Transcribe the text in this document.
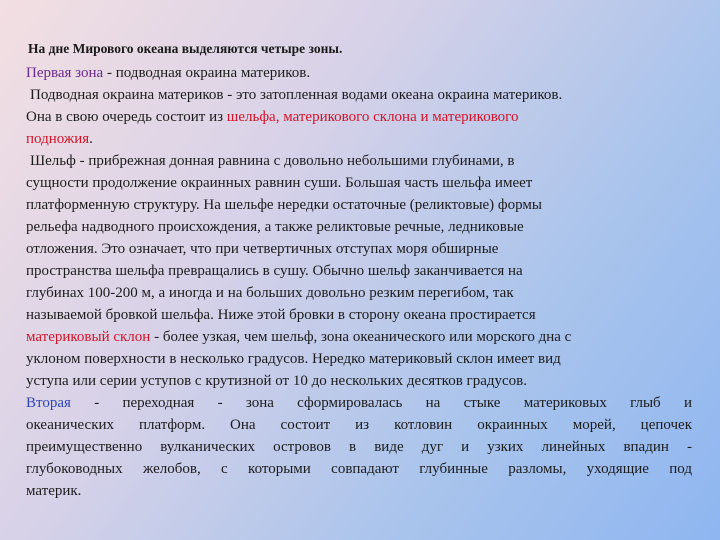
На дне Мирового океана выделяются четыре зоны.
Первая зона - подводная окраина материков.
Подводная окраина материков - это затопленная водами океана окраина материков.
Она в свою очередь состоит из шельфа, материкового склона и материкового
подножия.
Шельф - прибрежная донная равнина с довольно небольшими глубинами, в
сущности продолжение окраинных равнин суши. Большая часть шельфа имеет
платформенную структуру. На шельфе нередки остаточные (реликтовые) формы
рельефа надводного происхождения, а также реликтовые речные, ледниковые
отложения. Это означает, что при четвертичных отступах моря обширные
пространства шельфа превращались в сушу. Обычно шельф заканчивается на
глубинах 100-200 м, а иногда и на больших довольно резким перегибом, так
называемой бровкой шельфа. Ниже этой бровки в сторону океана простирается
материковый склон - более узкая, чем шельф, зона океанического или морского дна с
уклоном поверхности в несколько градусов. Нередко материковый склон имеет вид
уступа или серии уступов с крутизной от 10 до нескольких десятков градусов.
Вторая - переходная - зона сформировалась на стыке материковых глыб и
океанических платформ. Она состоит из котловин окраинных морей, цепочек
преимущественно вулканических островов в виде дуг и узких линейных впадин -
глубоководных желобов, с которыми совпадают глубинные разломы, уходящие под
материк.
